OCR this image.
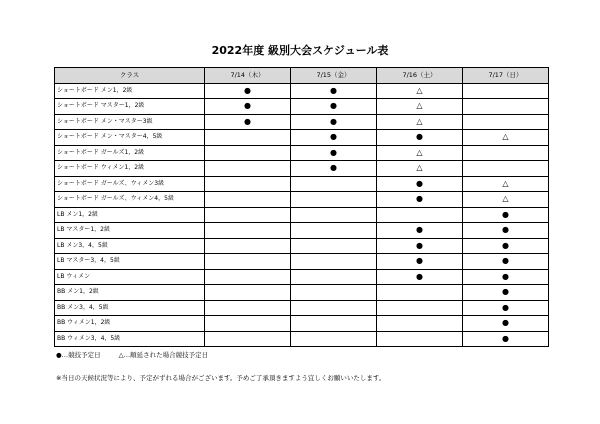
2022年度 級別大会スケジュール表
クラス	7/14（木）	7/15（金）	7/16（土）	7/17（日）
ショートボード メン1，2級	●	●	△	
ショートボード マスター1，2級	●	●	△	
ショートボード メン・マスター3級	●	●	△	
ショートボード メン・マスター4，5級		●	●	△
ショートボード ガールズ1，2級		●	△	
ショートボード ウィメン1，2級		●	△	
ショートボード ガールズ、ウィメン3級			●	△
ショートボード ガールズ、ウィメン4，5級			●	△
LB メン1，2級				●
LB マスター1，2級			●	●
LB メン3，4，5級			●	●
LB マスター3，4，5級			●	●
LB ウィメン			●	●
BB メン1，2級				●
BB メン3，4，5級				●
BB ウィメン1，2級				●
BB ウィメン3，4，5級				●
●…競技予定日	△…順延された場合競技予定日
※当日の天候状況等により、予定がずれる場合がございます。予めご了承頂きますよう宜しくお願いいたします。
